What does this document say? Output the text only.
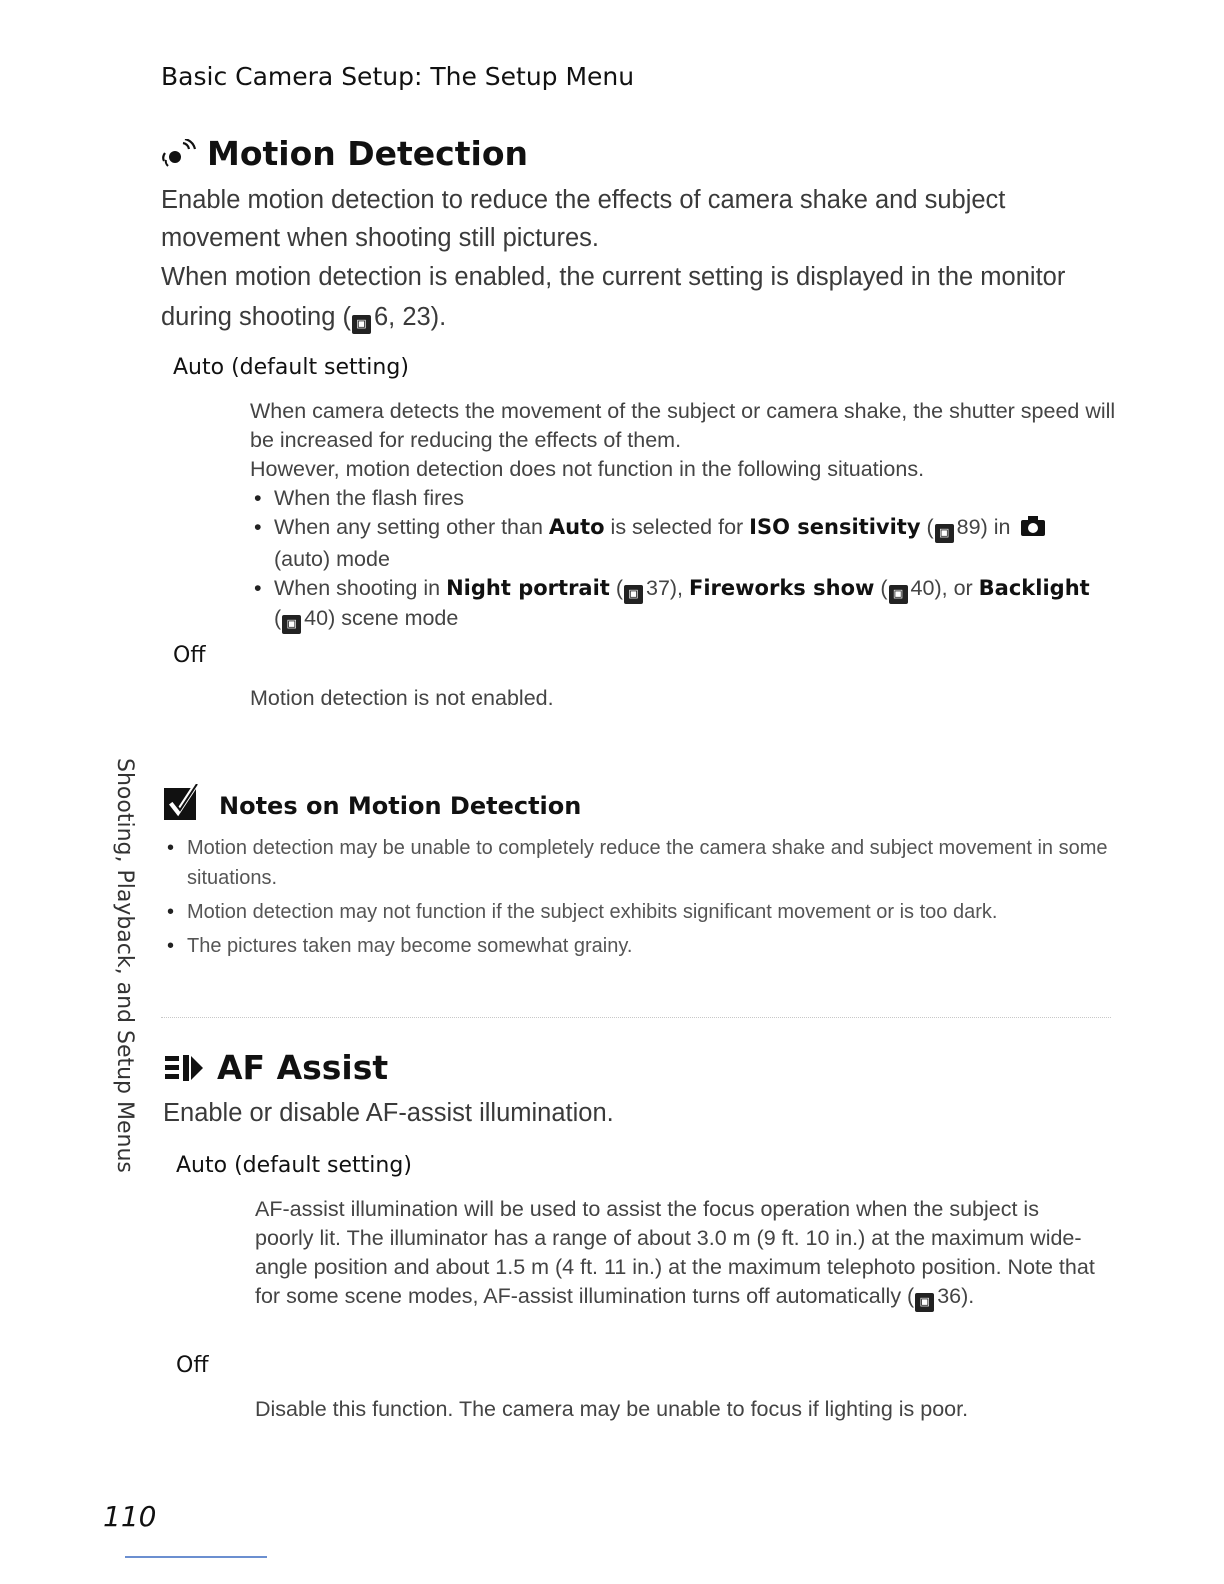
Basic Camera Setup: The Setup Menu
Motion Detection
Enable motion detection to reduce the effects of camera shake and subject movement when shooting still pictures.
When motion detection is enabled, the current setting is displayed in the monitor during shooting ( ▣ 6, 23).
Auto (default setting)
When camera detects the movement of the subject or camera shake, the shutter speed will be increased for reducing the effects of them.
However, motion detection does not function in the following situations.
• When the flash fires
• When any setting other than Auto is selected for ISO sensitivity ( ▣ 89) in
(auto) mode
• When shooting in Night portrait ( ▣ 37), Fireworks show ( ▣ 40), or Backlight
( ▣ 40) scene mode
Off
Motion detection is not enabled.
Notes on Motion Detection
• Motion detection may be unable to completely reduce the camera shake and subject movement in some situations.
• Motion detection may not function if the subject exhibits significant movement or is too dark.
• The pictures taken may become somewhat grainy.
AF Assist
Enable or disable AF-assist illumination.
Auto (default setting)
AF-assist illumination will be used to assist the focus operation when the subject is poorly lit. The illuminator has a range of about 3.0 m (9 ft. 10 in.) at the maximum wide-angle position and about 1.5 m (4 ft. 11 in.) at the maximum telephoto position. Note that for some scene modes, AF-assist illumination turns off automatically ( ▣ 36).
Off
Disable this function. The camera may be unable to focus if lighting is poor.
Shooting, Playback, and Setup Menus
110
